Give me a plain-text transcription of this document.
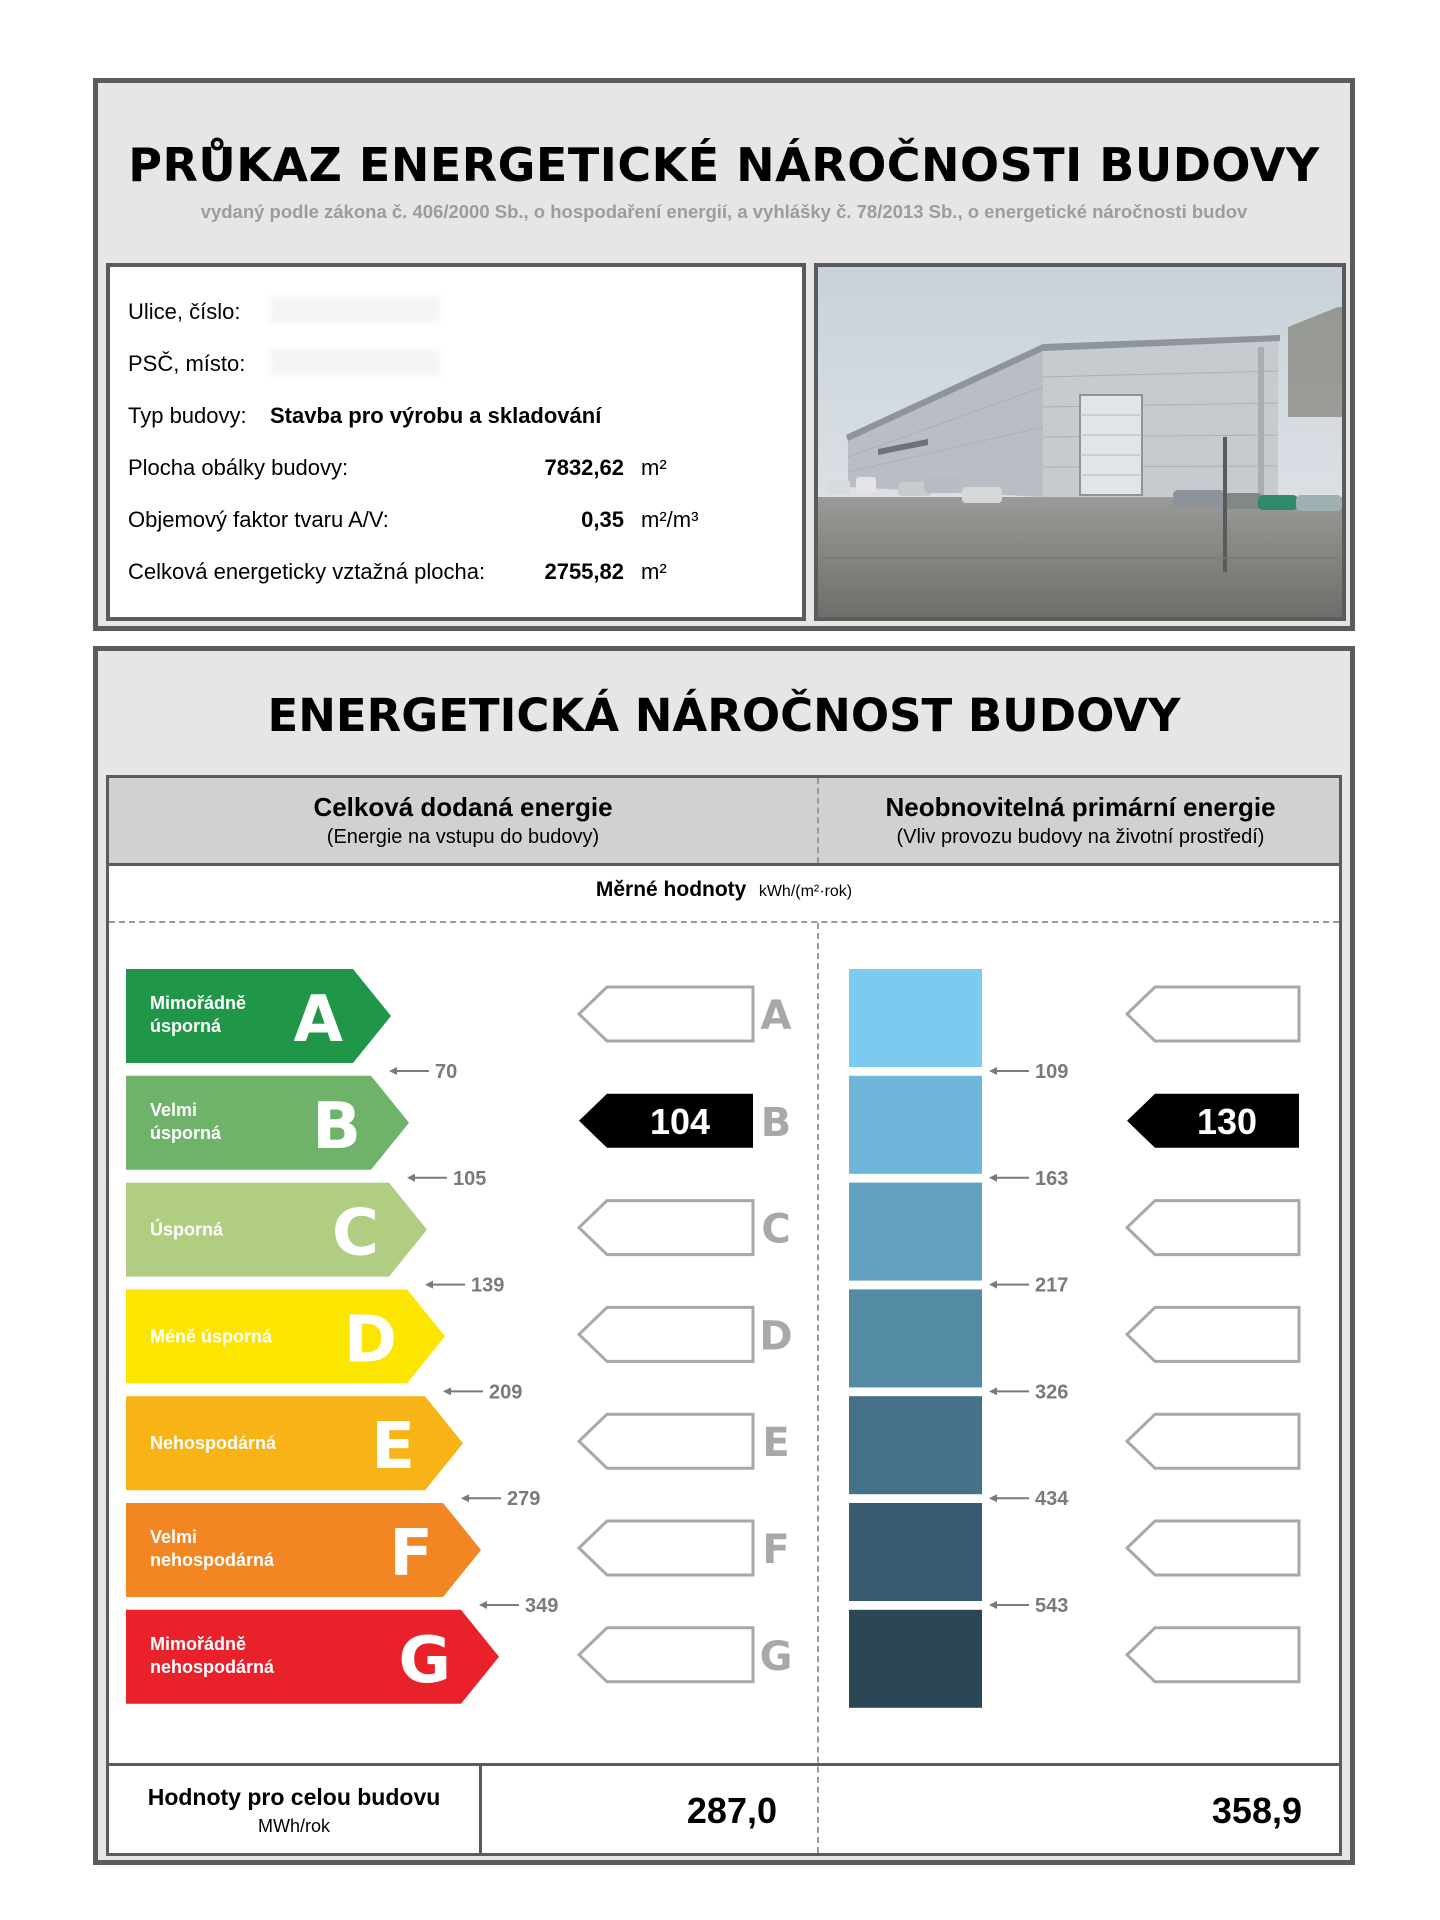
PRŮKAZ ENERGETICKÉ NÁROČNOSTI BUDOVY
vydaný podle zákona č. 406/2000 Sb., o hospodaření energií, a vyhlášky č. 78/2013 Sb., o energetické náročnosti budov
Ulice, číslo:
PSČ, místo:
Typ budovy: Stavba pro výrobu a skladování
Plocha obálky budovy:	7832,62 m²
Objemový faktor tvaru A/V:	0,35 m²/m³
Celková energeticky vztažná plocha:	2755,82 m²
ENERGETICKÁ NÁROČNOST BUDOVY
Celková dodaná energie
(Energie na vstupu do budovy)
Neobnovitelná primární energie
(Vliv provozu budovy na životní prostředí)
Měrné hodnoty kWh/(m²·rok)
Mimořádně
úsporná A	A
Velmi
úsporná B	104 B	130
Úsporná C	C
Méně úsporná D	D
Nehospodárná E	E
Velmi
nehospodárná F	F
Mimořádně
nehospodárná G	G
70
105
139
209
279
349
109
163
217
326
434
543
Hodnoty pro celou budovu
MWh/rok	287,0	358,9
